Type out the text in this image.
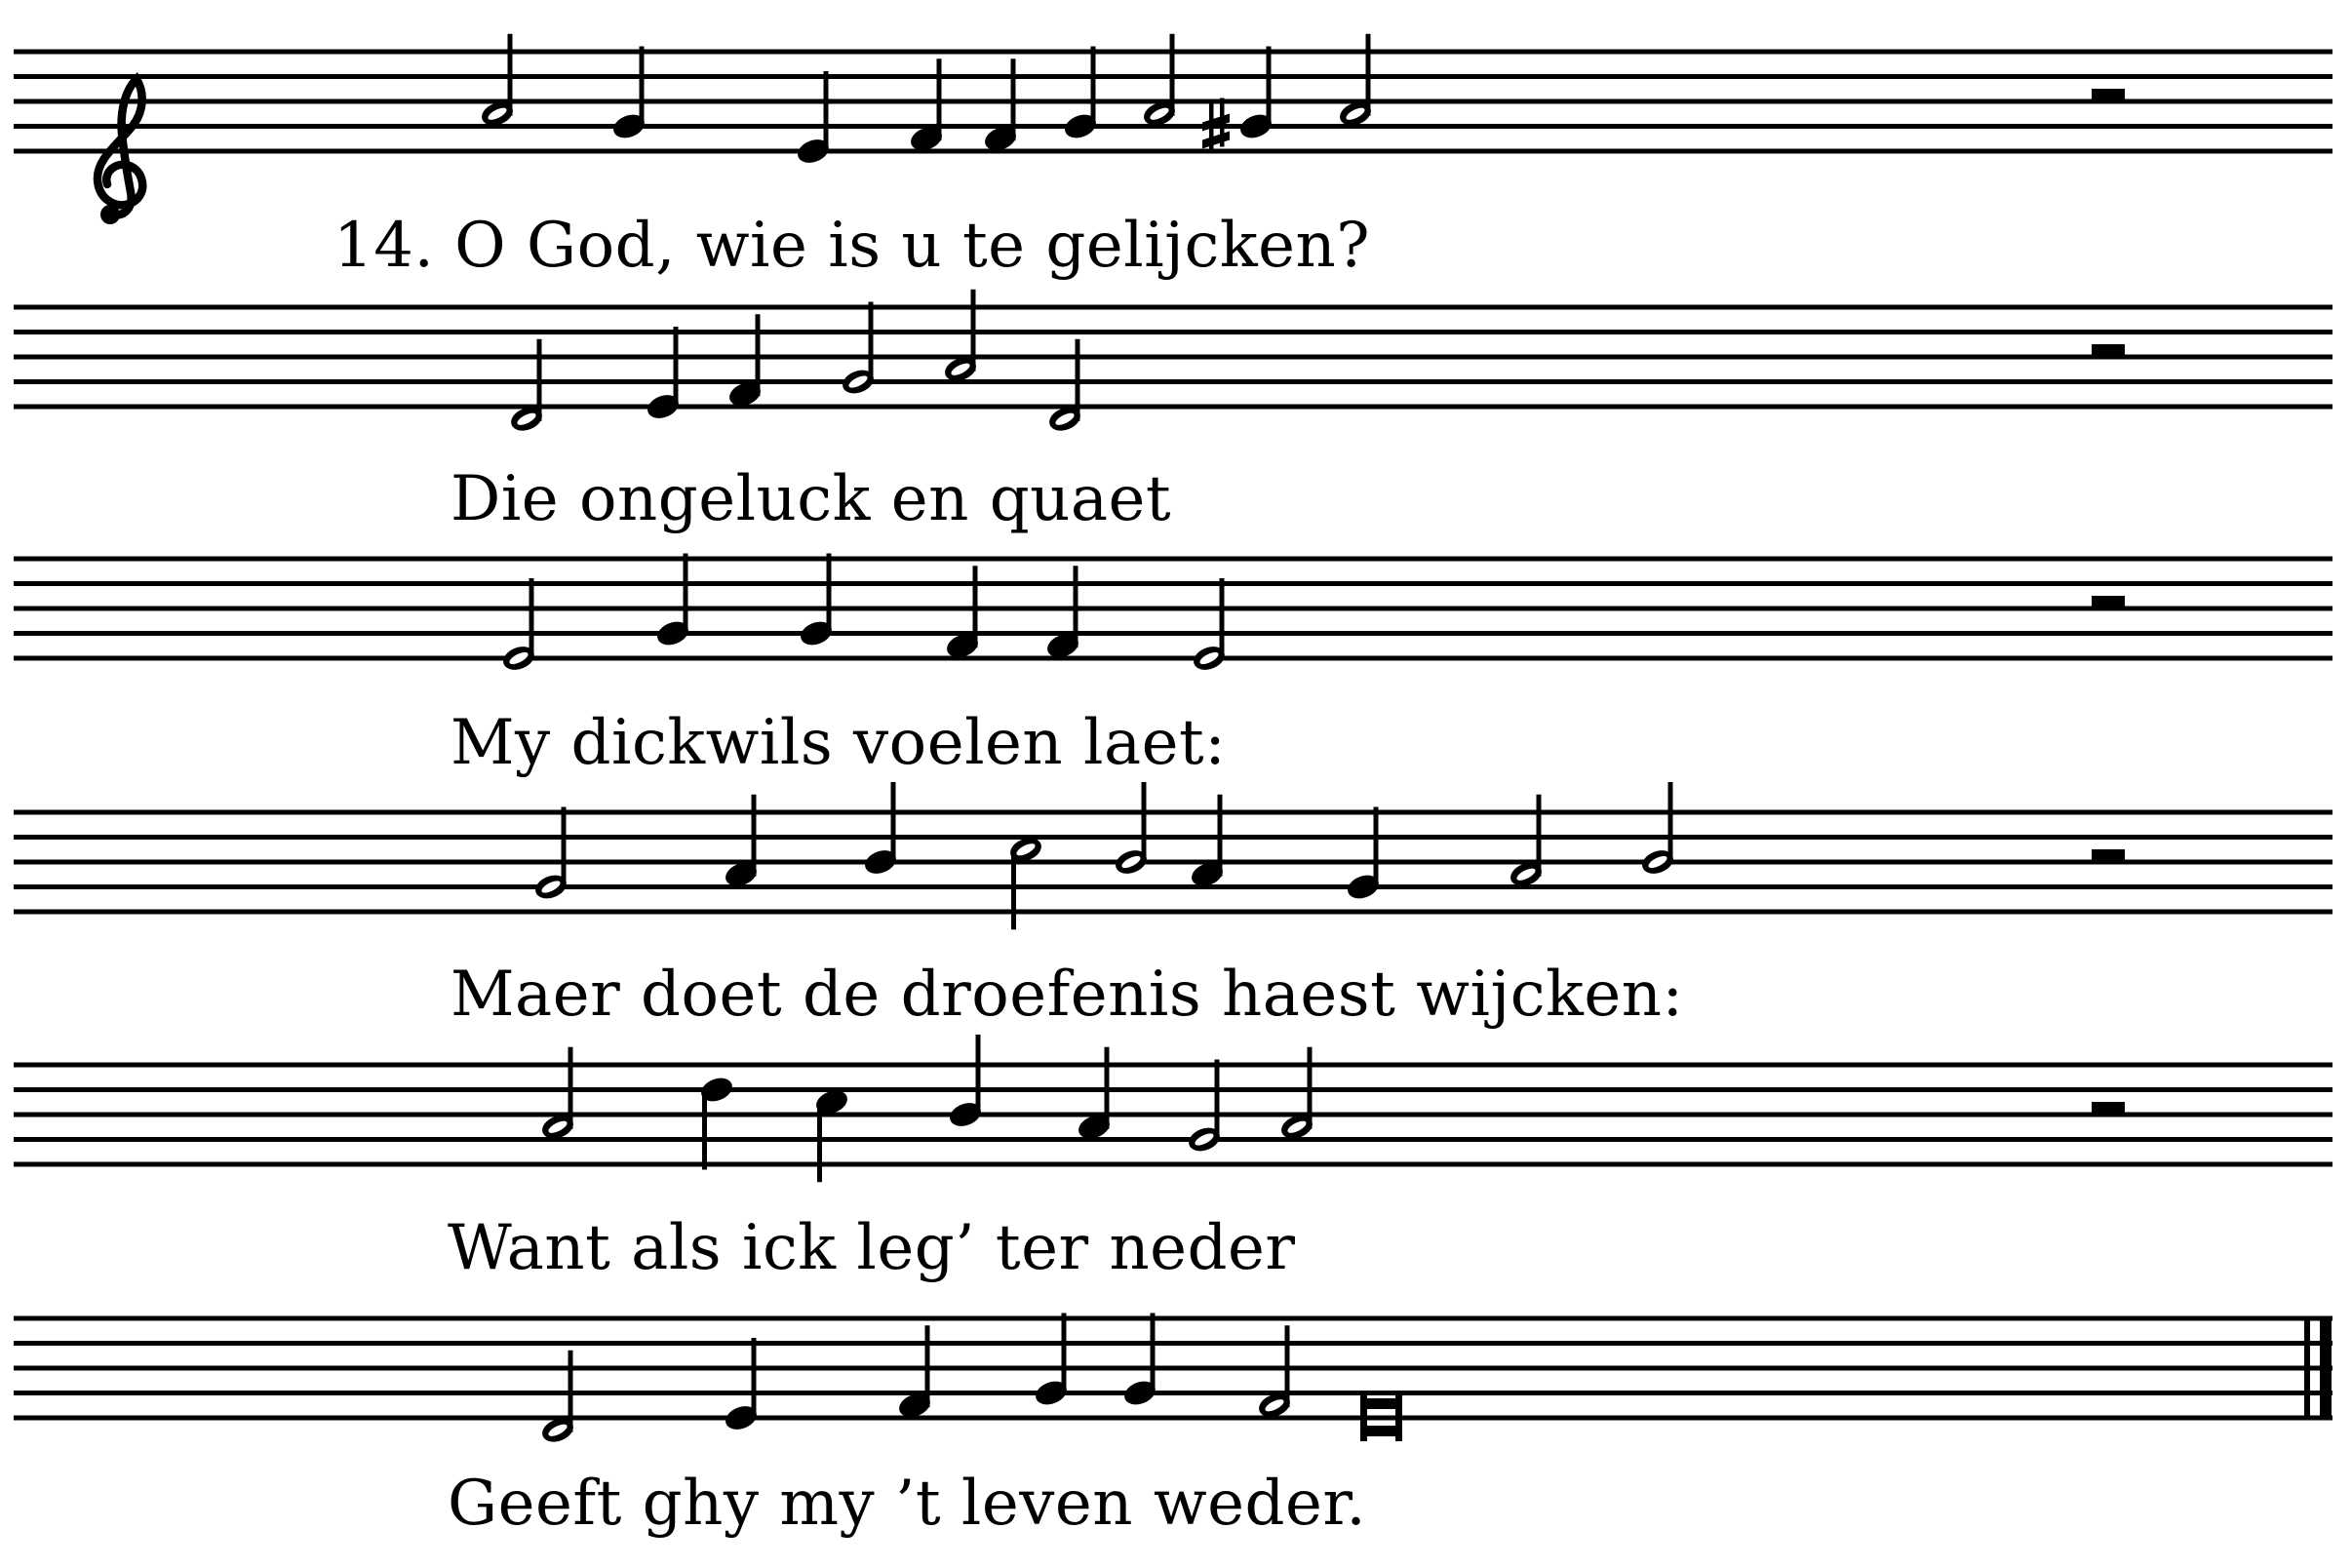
14. O God, wie is u te gelijcken?
Die ongeluck en quaet
My dickwils voelen laet:
Maer doet de droefenis haest wijcken:
Want als ick leg’ ter neder
Geeft ghy my ’t leven weder.
